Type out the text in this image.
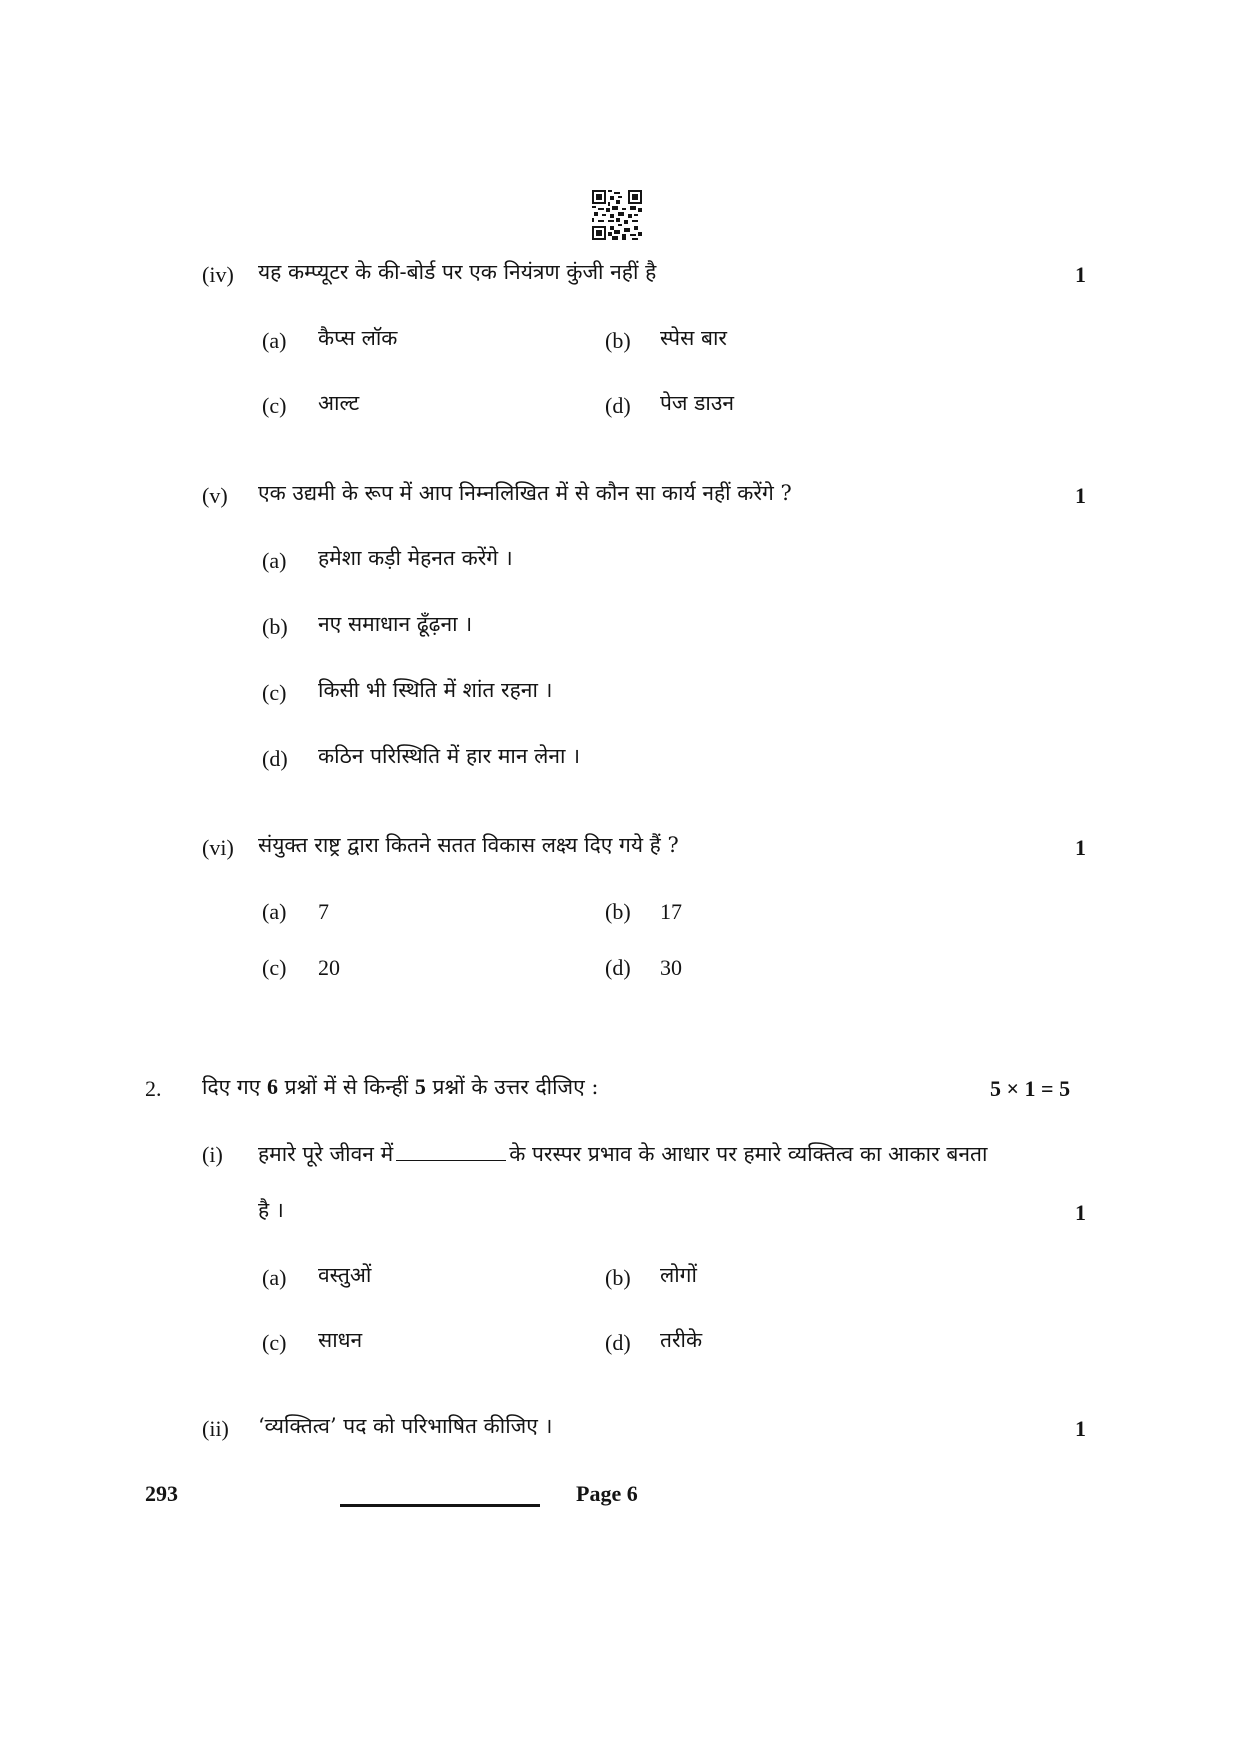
(iv) यह कम्प्यूटर के की-बोर्ड पर एक नियंत्रण कुंजी नहीं है	1
(a) कैप्स लॉक	(b) स्पेस बार
(c) आल्ट	(d) पेज डाउन
(v) एक उद्यमी के रूप में आप निम्नलिखित में से कौन सा कार्य नहीं करेंगे ?	1
(a) हमेशा कड़ी मेहनत करेंगे ।
(b) नए समाधान ढूँढ़ना ।
(c) किसी भी स्थिति में शांत रहना ।
(d) कठिन परिस्थिति में हार मान लेना ।
(vi) संयुक्त राष्ट्र द्वारा कितने सतत विकास लक्ष्य दिए गये हैं ?	1
(a) 7	(b) 17
(c) 20	(d) 30
2. दिए गए 6 प्रश्नों में से किन्हीं 5 प्रश्नों के उत्तर दीजिए :	5 × 1 = 5
(i) हमारे पूरे जीवन में	के परस्पर प्रभाव के आधार पर हमारे व्यक्तित्व का आकार बनता
है ।	1
(a) वस्तुओं	(b) लोगों
(c) साधन	(d) तरीके
(ii) ‘व्यक्तित्व’ पद को परिभाषित कीजिए ।	1
293	Page 6
